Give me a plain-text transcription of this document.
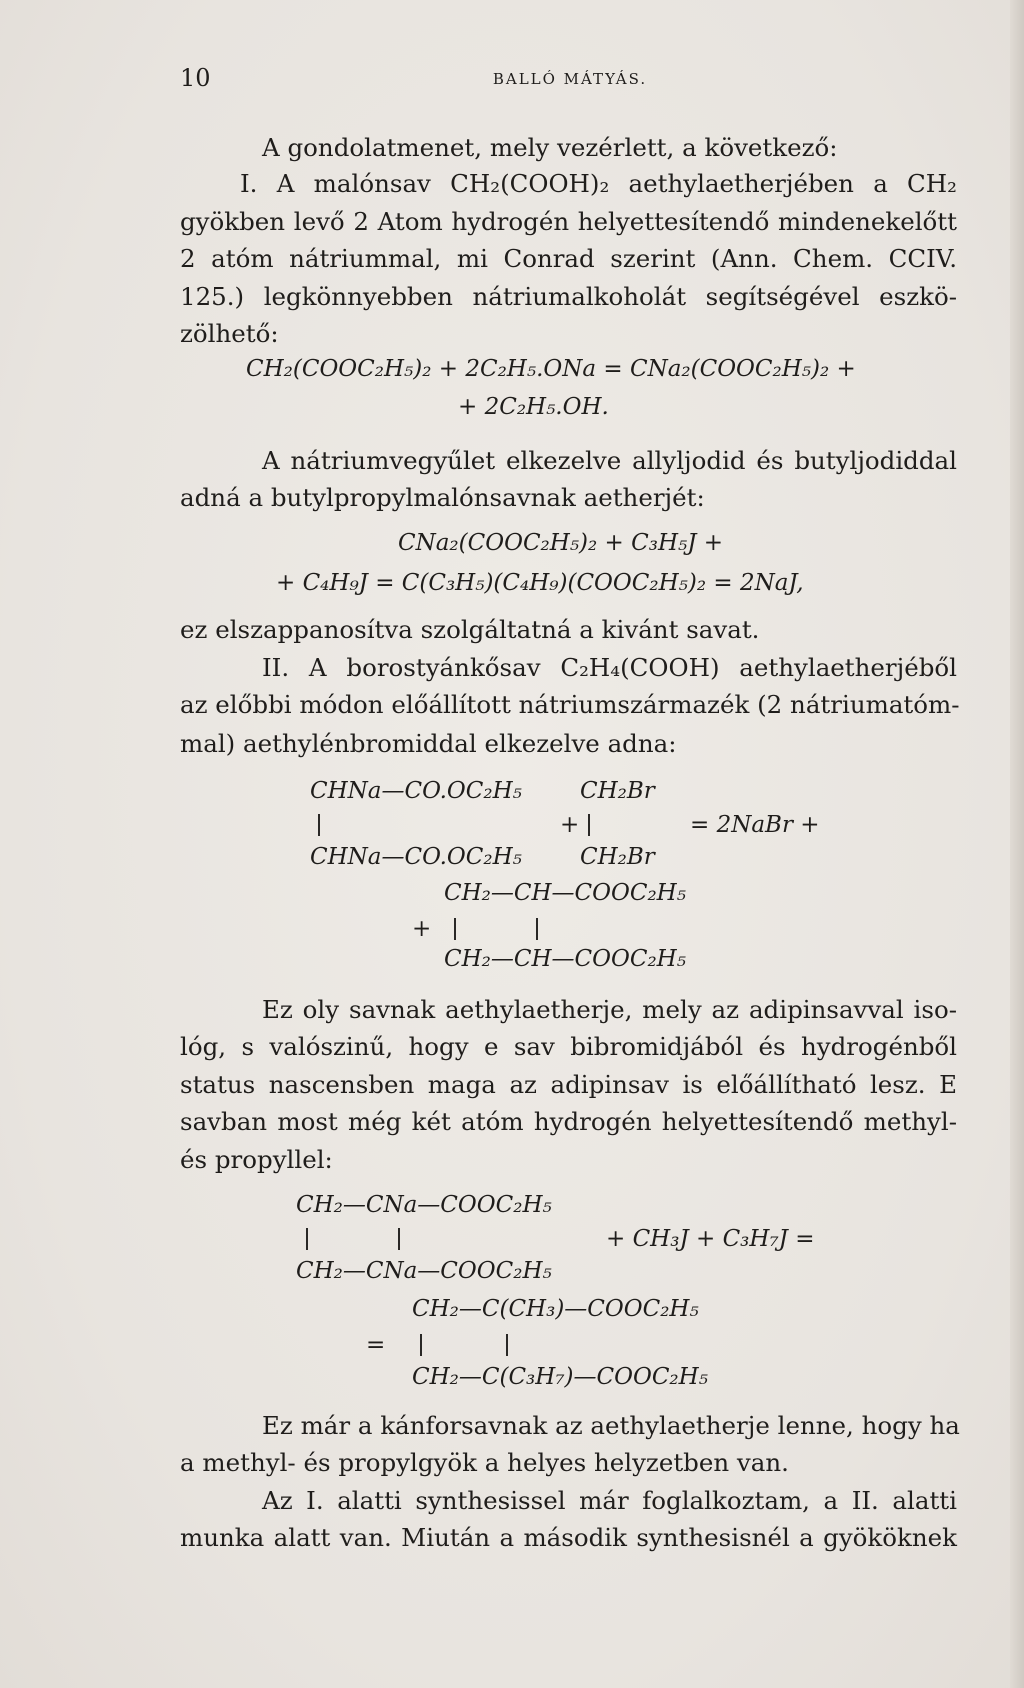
10	BALLÓ MÁTYÁS.
A gondolatmenet, mely vezérlett, a következő:
I. A malónsav CH₂(COOH)₂ aethylaetherjében a CH₂
gyökben levő 2 Atom hydrogén helyettesítendő mindenekelőtt
2 atóm nátriummal, mi Conrad szerint (Ann. Chem. CCIV.
125.) legkönnyebben nátriumalkoholát segítségével eszkö-
zölhető:
CH₂(COOC₂H₅)₂ + 2C₂H₅.ONa = CNa₂(COOC₂H₅)₂ +
+ 2C₂H₅.OH.
A nátriumvegyűlet elkezelve allyljodid és butyljodiddal
adná a butylpropylmalónsavnak aetherjét:
CNa₂(COOC₂H₅)₂ + C₃H₅J +
+ C₄H₉J = C(C₃H₅)(C₄H₉)(COOC₂H₅)₂ = 2NaJ,
ez elszappanosítva szolgáltatná a kivánt savat.
II. A borostyánkősav C₂H₄(COOH) aethylaetherjéből
az előbbi módon előállított nátriumszármazék (2 nátriumatóm-
mal) aethylénbromiddal elkezelve adna:
CHNa—CO.OC₂H₅	CH₂Br
+	= 2NaBr +
CHNa—CO.OC₂H₅	CH₂Br
CH₂—CH—COOC₂H₅
+
CH₂—CH—COOC₂H₅
Ez oly savnak aethylaetherje, mely az adipinsavval iso-
lóg, s valószinű, hogy e sav bibromidjából és hydrogénből
status nascensben maga az adipinsav is előállítható lesz. E
savban most még két atóm hydrogén helyettesítendő methyl-
és propyllel:
CH₂—CNa—COOC₂H₅
+ CH₃J + C₃H₇J =
CH₂—CNa—COOC₂H₅
CH₂—C(CH₃)—COOC₂H₅
=
CH₂—C(C₃H₇)—COOC₂H₅
Ez már a kánforsavnak az aethylaetherje lenne, hogy ha
a methyl- és propylgyök a helyes helyzetben van.
Az I. alatti synthesissel már foglalkoztam, a II. alatti
munka alatt van. Miután a második synthesisnél a gyököknek
